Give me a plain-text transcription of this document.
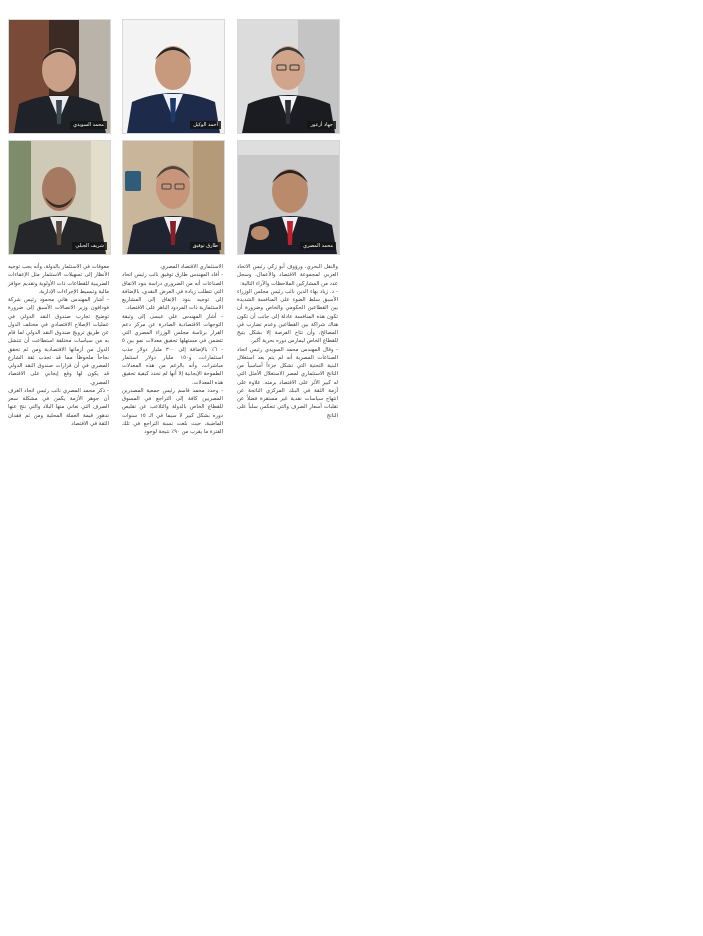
محمد السويدي	أحمد الوكيل	جهاد أزعور
شريف الجبلي	طارق توفيق	محمد المصري

والنقل البحري، ورؤوف أبو زكي رئيس الاتحاد العربي لمجموعة الاقتصاد والأعمال، وسجل عدد من المشاركين الملاحظات والآراء التالية:

- د. زياد بهاء الدين نائب رئيس مجلس الوزراء الأسبق سلط الضوء على المنافسة الشديدة بين القطاعين الحكومي والخاص وضرورة أن تكون هذه المنافسة عادلة إلى جانب أن تكون هناك شراكة بين القطاعين وعدم تضارب في المصالح، وأن تتاح الفرصة إلا بشكل يتيح للقطاع الخاص ليمارس دوره بحرية أكبر.

- وقال المهندس محمد السويدي رئيس اتحاد الصناعات المصرية أنه لم يتم بعد استغلال البنية التحتية التي تشكل جزءاً أساسياً من الناتج الاستثماري لمصر الاستغلال الأمثل التي له كبير الأثر على الاقتصاد برمته. علاوة على أزمة الثقة في البنك المركزي الناتجة عن انتهاج سياسات نقدية غير مستقرة فضلاً عن تقلبات أسعار الصرف والتي تنعكس سلباً على الناتج

الاستثماري الاقتصاد المصري.

- أفاد المهندس طارق توفيق نائب رئيس اتحاد الصناعات أنه من الضروري دراسة بنود الاتفاق التي تتطلب زيادة في العرض النقدي، بالإضافة إلى توجيه بنود الإنفاق إلى المشاريع الاستثمارية ذات المردود الباهر على الاقتصاد.

- أشار المهندس علي عيسى إلى وثيقة التوجهات الاقتصادية الصادرة عن مركز دعم القرار برئاسة مجلس الوزراء المصري التي تتضمن في مستهلها تحقيق معدلات نمو بين ٥ - ٦٪ بالإضافة إلى ٣٠٠ مليار دولار جذب استثمارات، و١٥٠ مليار دولار استثمار مباشرات، وأنه بالرغم من هذه المعدلات الطموحة الإيجابية إلا أنها لم تحدد كيفية تحقيق هذه المعدلات.

- وحدد محمد قاسم رئيس جمعية المصدرين المصريين كافة إلى التراجع في المسوق للقطاع الخاص بالدولة والتلاعب عن تقليص دوره بشكل كبير لا سيما في الـ ١٥ سنوات الماضية، حيث بلغت نسبة التراجع في تلك الفترة ما يقرب من ٩٠٪ نتيجة لوجود

معوقات في الاستثمار بالدولة، وأنه يجب توجيه الأنظار إلى تسهيلات الاستثمار مثل الإعفاءات الضريبية للقطاعات ذات الأولوية وتقديم حوافز مالية وتبسيط الإجراءات الإدارية.

- أشار المهندس هاني محمود رئيس شركة فودافون وزير الاتصالات الأسبق إلى ضرورة توضيح تجارب صندوق النقد الدولي في عمليات الإصلاح الاقتصادي في مختلف الدول عن طريق ترويج صندوق النقد الدولي لما قام به من سياسات مختلفة استطاعت أن تنتشل الدول من أزماتها الاقتصادية ومن ثم تحقق نجاحاً ملحوظاً مما قد تجذب ثقة الشارع المصري في أن قرارات صندوق النقد الدولي قد يكون لها وقع إيجابي على الاقتصاد المصري.

- ذكر محمد المصري نائب رئيس اتحاد الغرف أن جوهر الأزمة يكمن في مشكلة سعر الصرف التي تعاني منها البلاد والتي نتج عنها تدهور قيمة العملة المحلية ومن ثم فقدان الثقة في الاقتصاد
